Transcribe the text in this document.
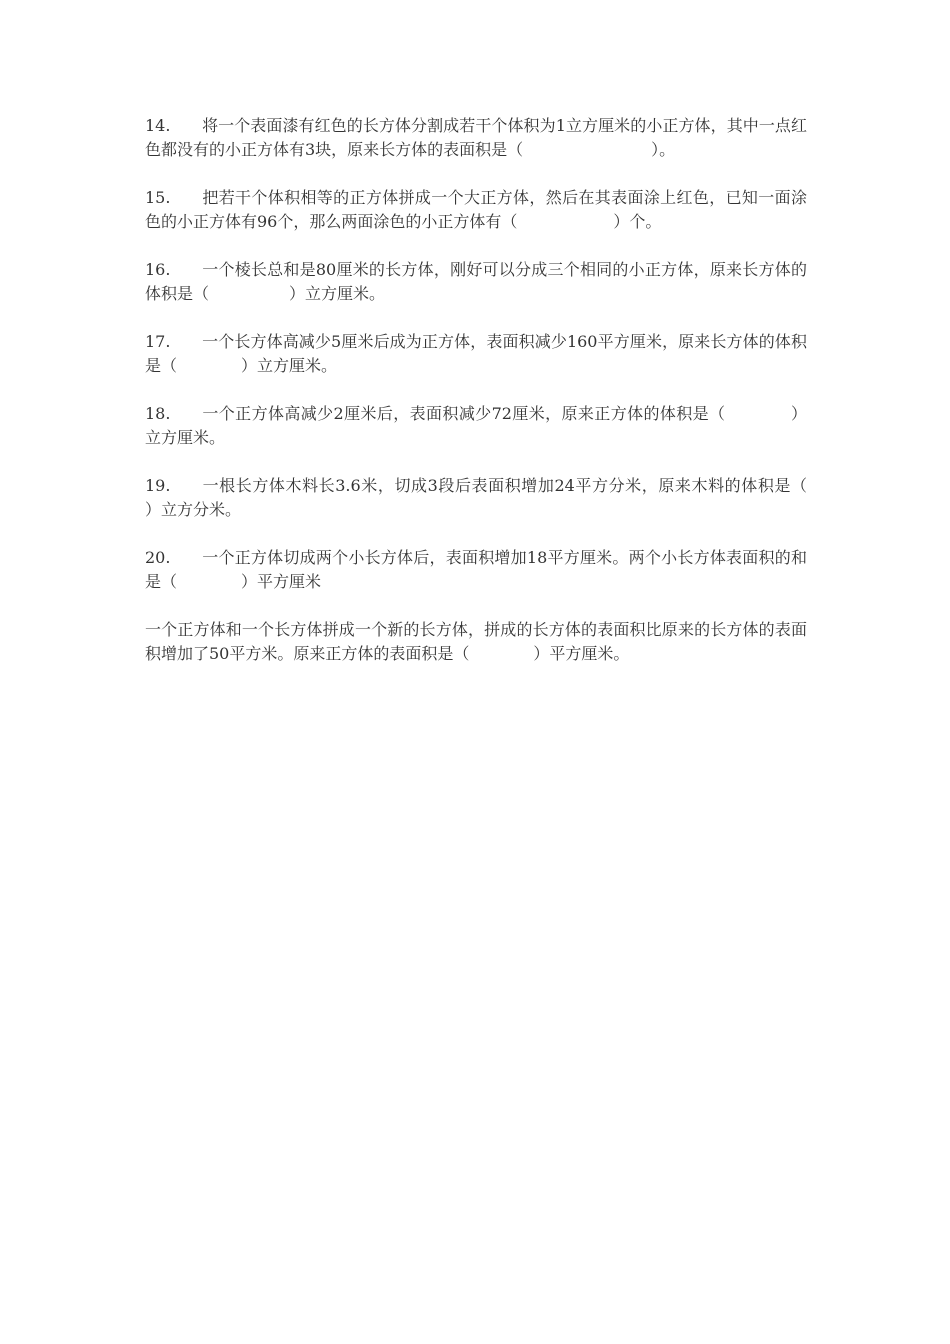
14. 将一个表面漆有红色的长方体分割成若干个体积为1立方厘米的小正方体，其中一点红色都没有的小正方体有3块，原来长方体的表面积是（　　　　　　　　）。

15. 把若干个体积相等的正方体拼成一个大正方体，然后在其表面涂上红色，已知一面涂色的小正方体有96个，那么两面涂色的小正方体有（　　　　　　）个。

16. 一个棱长总和是80厘米的长方体，刚好可以分成三个相同的小正方体，原来长方体的体积是（　　　　　）立方厘米。

17. 一个长方体高减少5厘米后成为正方体，表面积减少160平方厘米，原来长方体的体积是（　　　　）立方厘米。

18. 一个正方体高减少2厘米后，表面积减少72厘米，原来正方体的体积是（　　　　）立方厘米。

19. 一根长方体木料长3.6米，切成3段后表面积增加24平方分米，原来木料的体积是（　　　）立方分米。

20. 一个正方体切成两个小长方体后，表面积增加18平方厘米。两个小长方体表面积的和是（　　　　）平方厘米

一个正方体和一个长方体拼成一个新的长方体，拼成的长方体的表面积比原来的长方体的表面积增加了50平方米。原来正方体的表面积是（　　　　）平方厘米。
